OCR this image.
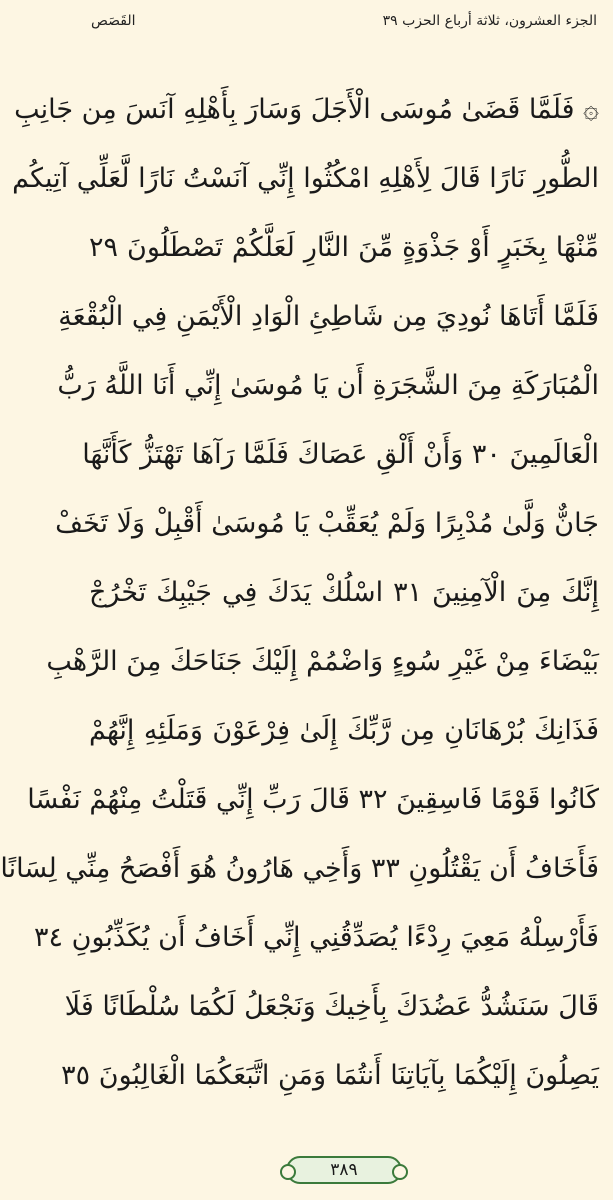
الجزء العشرون، ثلاثة أرباع الحزب ٣٩
القَصَص
۞ فَلَمَّا قَضَىٰ مُوسَى الْأَجَلَ وَسَارَ بِأَهْلِهِ آنَسَ مِن جَانِبِ
الطُّورِ نَارًا قَالَ لِأَهْلِهِ امْكُثُوا إِنِّي آنَسْتُ نَارًا لَّعَلِّي آتِيكُم
مِّنْهَا بِخَبَرٍ أَوْ جَذْوَةٍ مِّنَ النَّارِ لَعَلَّكُمْ تَصْطَلُونَ ٢٩
فَلَمَّا أَتَاهَا نُودِيَ مِن شَاطِئِ الْوَادِ الْأَيْمَنِ فِي الْبُقْعَةِ
الْمُبَارَكَةِ مِنَ الشَّجَرَةِ أَن يَا مُوسَىٰ إِنِّي أَنَا اللَّهُ رَبُّ
الْعَالَمِينَ ٣٠ وَأَنْ أَلْقِ عَصَاكَ فَلَمَّا رَآهَا تَهْتَزُّ كَأَنَّهَا
جَانٌّ وَلَّىٰ مُدْبِرًا وَلَمْ يُعَقِّبْ يَا مُوسَىٰ أَقْبِلْ وَلَا تَخَفْ
إِنَّكَ مِنَ الْآمِنِينَ ٣١ اسْلُكْ يَدَكَ فِي جَيْبِكَ تَخْرُجْ
بَيْضَاءَ مِنْ غَيْرِ سُوءٍ وَاضْمُمْ إِلَيْكَ جَنَاحَكَ مِنَ الرَّهْبِ
فَذَانِكَ بُرْهَانَانِ مِن رَّبِّكَ إِلَىٰ فِرْعَوْنَ وَمَلَئِهِ إِنَّهُمْ
كَانُوا قَوْمًا فَاسِقِينَ ٣٢ قَالَ رَبِّ إِنِّي قَتَلْتُ مِنْهُمْ نَفْسًا
فَأَخَافُ أَن يَقْتُلُونِ ٣٣ وَأَخِي هَارُونُ هُوَ أَفْصَحُ مِنِّي لِسَانًا
فَأَرْسِلْهُ مَعِيَ رِدْءًا يُصَدِّقُنِي إِنِّي أَخَافُ أَن يُكَذِّبُونِ ٣٤
قَالَ سَنَشُدُّ عَضُدَكَ بِأَخِيكَ وَنَجْعَلُ لَكُمَا سُلْطَانًا فَلَا
يَصِلُونَ إِلَيْكُمَا بِآيَاتِنَا أَنتُمَا وَمَنِ اتَّبَعَكُمَا الْغَالِبُونَ ٣٥
٣٨٩
